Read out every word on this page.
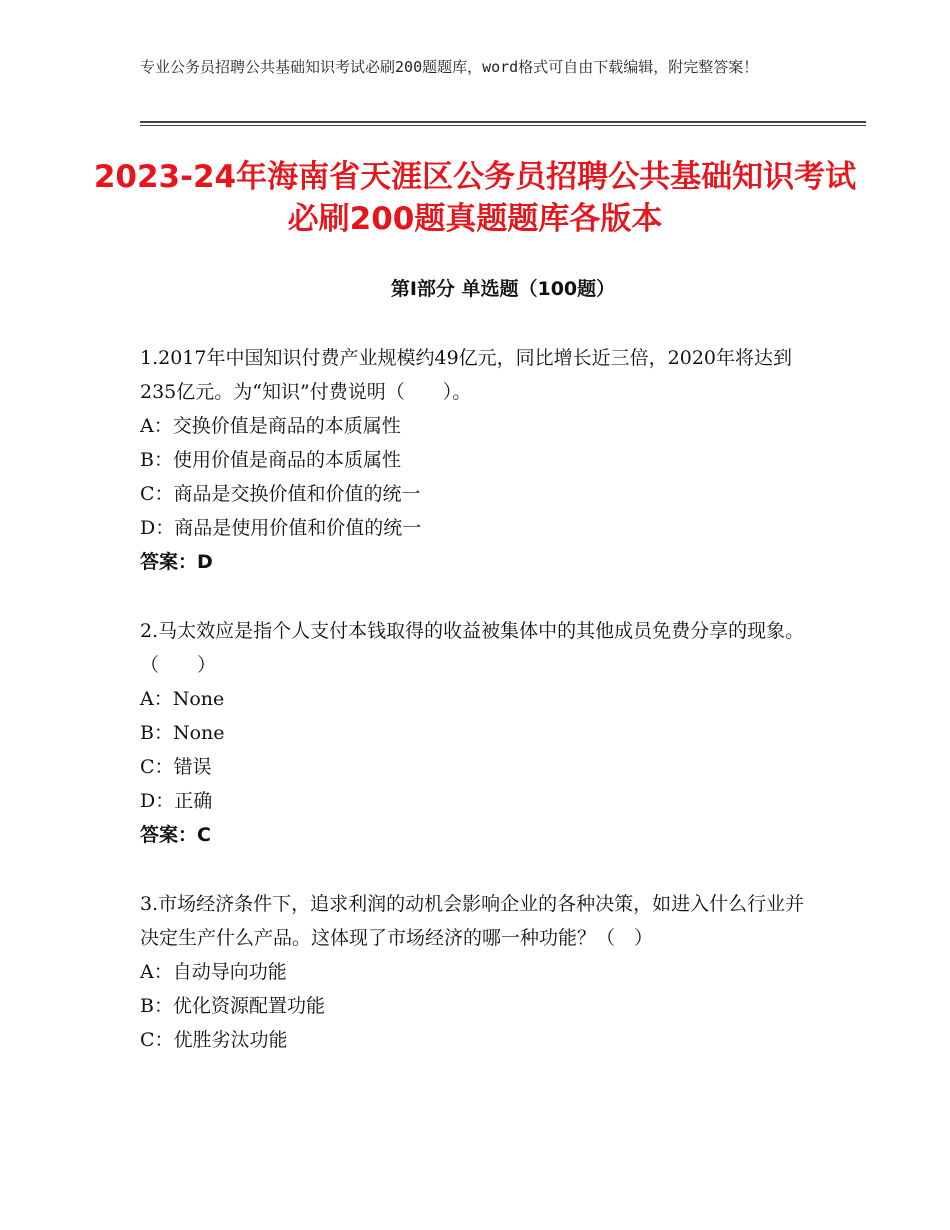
专业公务员招聘公共基础知识考试必刷200题题库，word格式可自由下载编辑，附完整答案！
2023-24年海南省天涯区公务员招聘公共基础知识考试必刷200题真题题库各版本
第Ⅰ部分 单选题（100题）

1.2017年中国知识付费产业规模约49亿元，同比增长近三倍，2020年将达到235亿元。为“知识”付费说明（　　）。

A：交换价值是商品的本质属性
B：使用价值是商品的本质属性
C：商品是交换价值和价值的统一
D：商品是使用价值和价值的统一
答案：D

2.马太效应是指个人支付本钱取得的收益被集体中的其他成员免费分享的现象。（　　）

A：None
B：None
C：错误
D：正确
答案：C

3.市场经济条件下，追求利润的动机会影响企业的各种决策，如进入什么行业并决定生产什么产品。这体现了市场经济的哪一种功能？（　）

A：自动导向功能
B：优化资源配置功能
C：优胜劣汰功能
